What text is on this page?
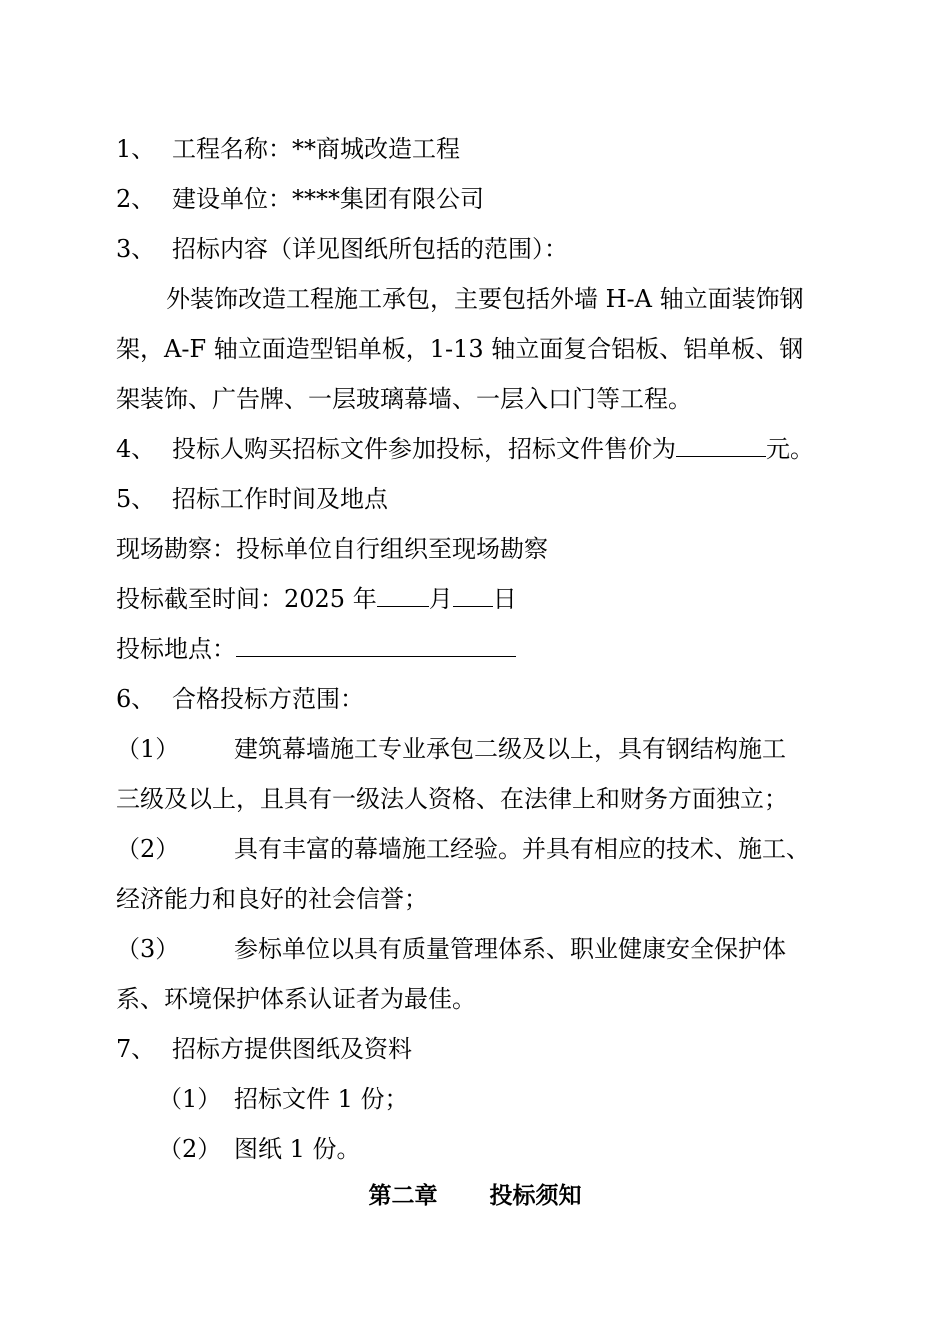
1、 工程名称：**商城改造工程
2、 建设单位：****集团有限公司
3、 招标内容（详见图纸所包括的范围）：
外装饰改造工程施工承包，主要包括外墙 H-A 轴立面装饰钢
架，A-F 轴立面造型铝单板，1-13 轴立面复合铝板、铝单板、钢
架装饰、广告牌、一层玻璃幕墙、一层入口门等工程。
4、 投标人购买招标文件参加投标，招标文件售价为	元。
5、 招标工作时间及地点
现场勘察：投标单位自行组织至现场勘察
投标截至时间：2025 年 月 日
投标地点：
6、 合格投标方范围：
（1） 建筑幕墙施工专业承包二级及以上，具有钢结构施工
三级及以上，且具有一级法人资格、在法律上和财务方面独立；
（2） 具有丰富的幕墙施工经验。并具有相应的技术、施工、
经济能力和良好的社会信誉；
（3） 参标单位以具有质量管理体系、职业健康安全保护体
系、环境保护体系认证者为最佳。
7、 招标方提供图纸及资料
（1） 招标文件 1 份；
（2） 图纸 1 份。
第二章 投标须知
